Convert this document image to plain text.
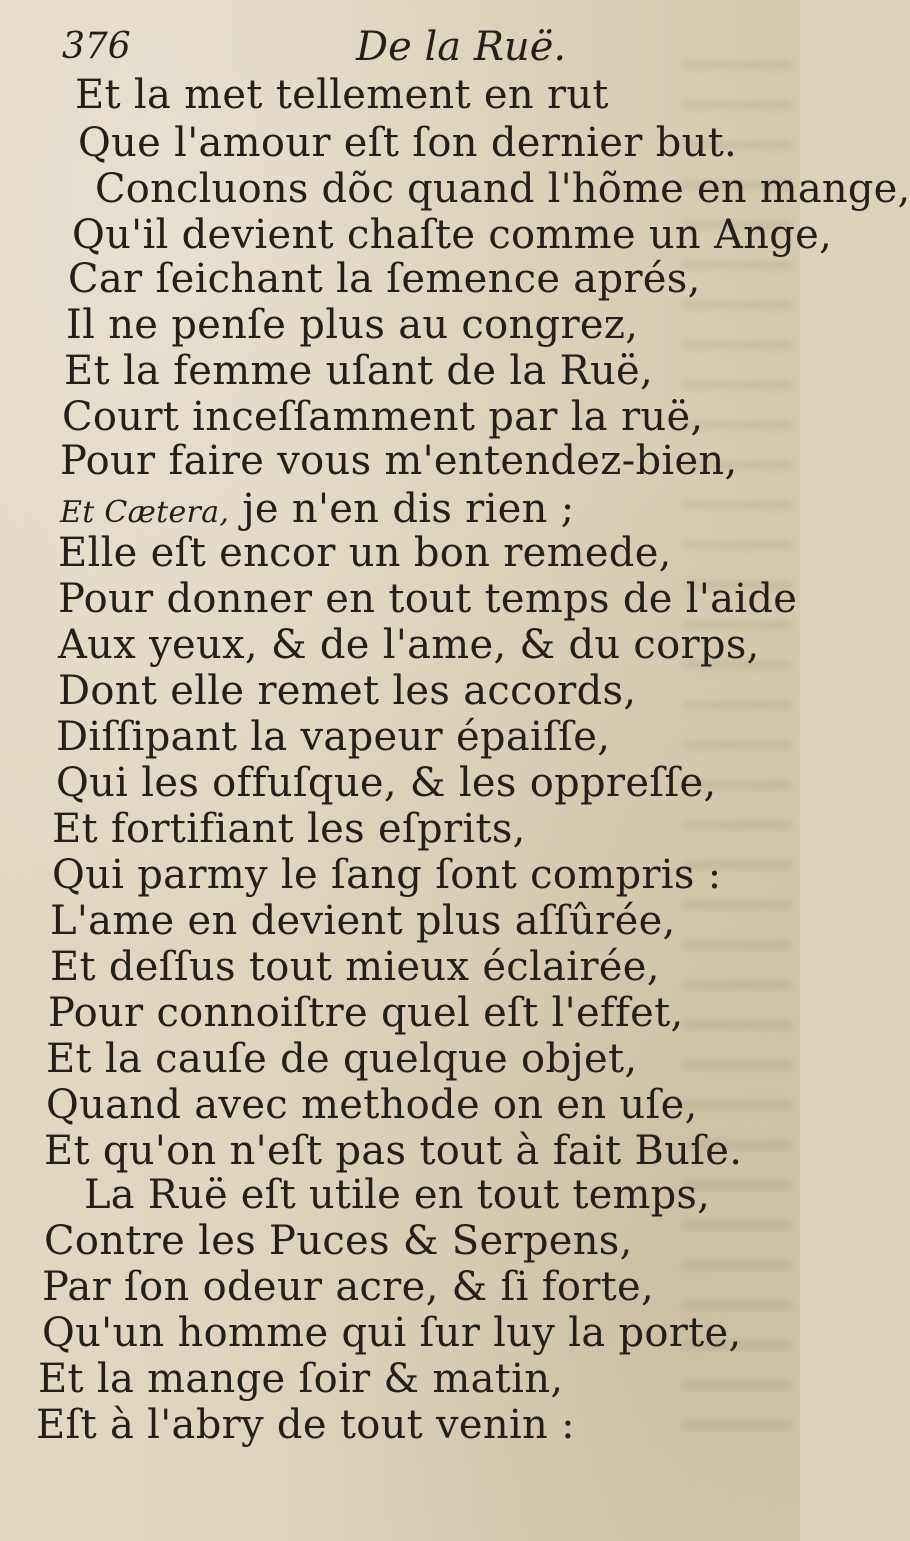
376	De la Ruë.
Et la met tellement en rut
Que l'amour eſt ſon dernier but.
Concluons dõc quand l'hõme en mange,
Qu'il devient chaſte comme un Ange,
Car ſeichant la ſemence aprés,
Il ne penſe plus au congrez,
Et la femme uſant de la Ruë,
Court inceſſamment par la ruë,
Pour faire vous m'entendez-bien,
Et Cætera, je n'en dis rien ;
Elle eſt encor un bon remede,
Pour donner en tout temps de l'aide
Aux yeux, & de l'ame, & du corps,
Dont elle remet les accords,
Diſſipant la vapeur épaiſſe,
Qui les offuſque, & les oppreſſe,
Et fortifiant les eſprits,
Qui parmy le ſang ſont compris :
L'ame en devient plus aſſûrée,
Et deſſus tout mieux éclairée,
Pour connoiſtre quel eſt l'effet,
Et la cauſe de quelque objet,
Quand avec methode on en uſe,
Et qu'on n'eſt pas tout à fait Buſe.
La Ruë eſt utile en tout temps,
Contre les Puces & Serpens,
Par ſon odeur acre, & ſi forte,
Qu'un homme qui ſur luy la porte,
Et la mange ſoir & matin,
Eſt à l'abry de tout venin :
